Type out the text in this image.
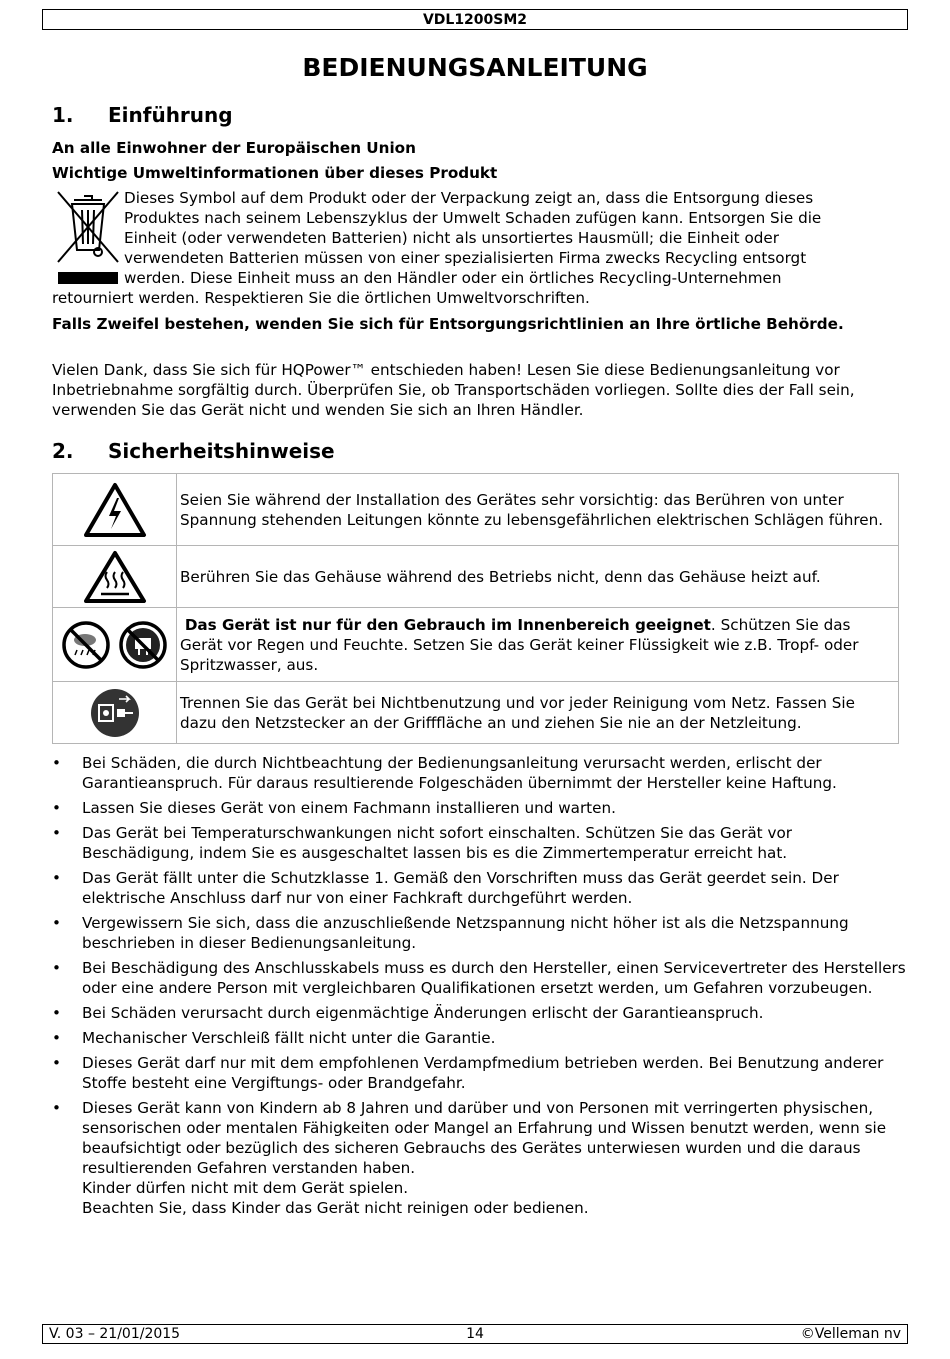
VDL1200SM2
BEDIENUNGSANLEITUNG
1. Einführung

An alle Einwohner der Europäischen Union

Wichtige Umweltinformationen über dieses Produkt

Dieses Symbol auf dem Produkt oder der Verpackung zeigt an, dass die Entsorgung dieses
Produktes nach seinem Lebenszyklus der Umwelt Schaden zufügen kann. Entsorgen Sie die
Einheit (oder verwendeten Batterien) nicht als unsortiertes Hausmüll; die Einheit oder
verwendeten Batterien müssen von einer spezialisierten Firma zwecks Recycling entsorgt
werden. Diese Einheit muss an den Händler oder ein örtliches Recycling-Unternehmen
retourniert werden. Respektieren Sie die örtlichen Umweltvorschriften.

Falls Zweifel bestehen, wenden Sie sich für Entsorgungsrichtlinien an Ihre örtliche Behörde.

Vielen Dank, dass Sie sich für HQPower™ entschieden haben! Lesen Sie diese Bedienungsanleitung vor Inbetriebnahme sorgfältig durch. Überprüfen Sie, ob Transportschäden vorliegen. Sollte dies der Fall sein, verwenden Sie das Gerät nicht und wenden Sie sich an Ihren Händler.

2. Sicherheitshinweise
	Seien Sie während der Installation des Gerätes sehr vorsichtig: das Berühren von unter Spannung stehenden Leitungen könnte zu lebensgefährlichen elektrischen Schlägen führen.

	Berühren Sie das Gehäuse während des Betriebs nicht, denn das Gehäuse heizt auf.

	Das Gerät ist nur für den Gebrauch im Innenbereich geeignet. Schützen Sie das Gerät vor Regen und Feuchte. Setzen Sie das Gerät keiner Flüssigkeit wie z.B. Tropf- oder Spritzwasser, aus.

	Trennen Sie das Gerät bei Nichtbenutzung und vor jeder Reinigung vom Netz. Fassen Sie dazu den Netzstecker an der Grifffläche an und ziehen Sie nie an der Netzleitung.
• Bei Schäden, die durch Nichtbeachtung der Bedienungsanleitung verursacht werden, erlischt der Garantieanspruch. Für daraus resultierende Folgeschäden übernimmt der Hersteller keine Haftung.
• Lassen Sie dieses Gerät von einem Fachmann installieren und warten.
• Das Gerät bei Temperaturschwankungen nicht sofort einschalten. Schützen Sie das Gerät vor Beschädigung, indem Sie es ausgeschaltet lassen bis es die Zimmertemperatur erreicht hat.
• Das Gerät fällt unter die Schutzklasse 1. Gemäß den Vorschriften muss das Gerät geerdet sein. Der elektrische Anschluss darf nur von einer Fachkraft durchgeführt werden.
• Vergewissern Sie sich, dass die anzuschließende Netzspannung nicht höher ist als die Netzspannung beschrieben in dieser Bedienungsanleitung.
• Bei Beschädigung des Anschlusskabels muss es durch den Hersteller, einen Servicevertreter des Herstellers oder eine andere Person mit vergleichbaren Qualifikationen ersetzt werden, um Gefahren vorzubeugen.
• Bei Schäden verursacht durch eigenmächtige Änderungen erlischt der Garantieanspruch.
• Mechanischer Verschleiß fällt nicht unter die Garantie.
• Dieses Gerät darf nur mit dem empfohlenen Verdampfmedium betrieben werden. Bei Benutzung anderer Stoffe besteht eine Vergiftungs- oder Brandgefahr.
• Dieses Gerät kann von Kindern ab 8 Jahren und darüber und von Personen mit verringerten physischen, sensorischen oder mentalen Fähigkeiten oder Mangel an Erfahrung und Wissen benutzt werden, wenn sie beaufsichtigt oder bezüglich des sicheren Gebrauchs des Gerätes unterwiesen wurden und die daraus resultierenden Gefahren verstanden haben.
Kinder dürfen nicht mit dem Gerät spielen.
Beachten Sie, dass Kinder das Gerät nicht reinigen oder bedienen.
V. 03 – 21/01/2015	14	©Velleman nv
